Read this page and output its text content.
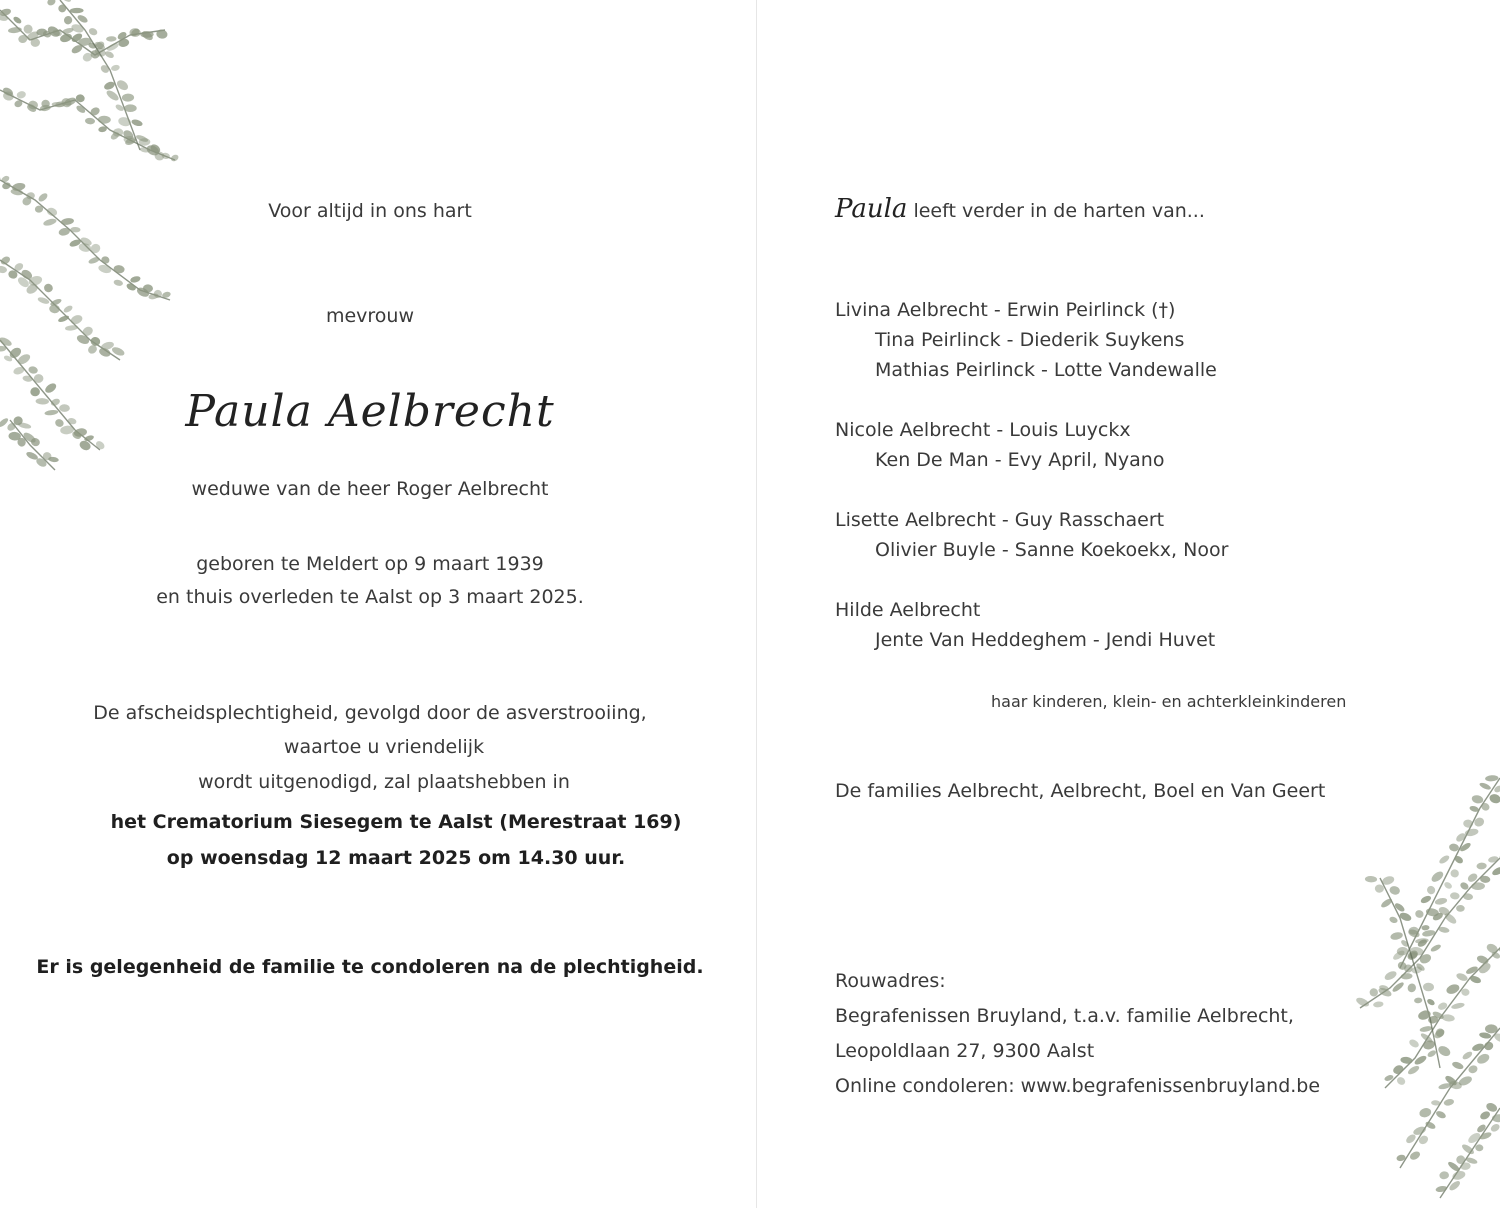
Voor altijd in ons hart
mevrouw
Paula Aelbrecht
weduwe van de heer Roger Aelbrecht
geboren te Meldert op 9 maart 1939
en thuis overleden te Aalst op 3 maart 2025.
De afscheidsplechtigheid, gevolgd door de asverstrooiing,
waartoe u vriendelijk
wordt uitgenodigd, zal plaatshebben in
het Crematorium Siesegem te Aalst (Merestraat 169)
op woensdag 12 maart 2025 om 14.30 uur.
Er is gelegenheid de familie te condoleren na de plechtigheid.
Paula leeft verder in de harten van...
Livina Aelbrecht - Erwin Peirlinck (†)
Tina Peirlinck - Diederik Suykens
Mathias Peirlinck - Lotte Vandewalle
Nicole Aelbrecht - Louis Luyckx
Ken De Man - Evy April, Nyano
Lisette Aelbrecht - Guy Rasschaert
Olivier Buyle - Sanne Koekoekx, Noor
Hilde Aelbrecht
Jente Van Heddeghem - Jendi Huvet
haar kinderen, klein- en achterkleinkinderen
De families Aelbrecht, Aelbrecht, Boel en Van Geert
Rouwadres:
Begrafenissen Bruyland, t.a.v. familie Aelbrecht,
Leopoldlaan 27, 9300 Aalst
Online condoleren: www.begrafenissenbruyland.be
